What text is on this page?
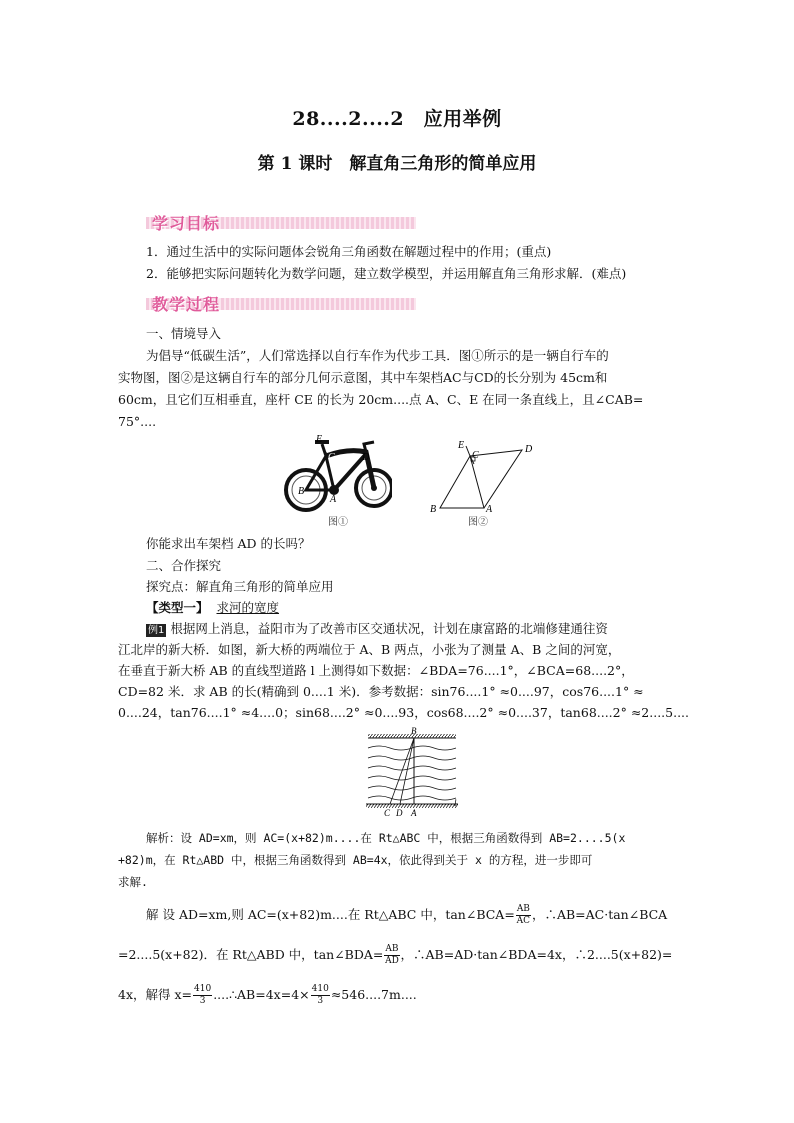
28....2....2　应用举例
第 1 课时　解直角三角形的简单应用
学习目标
1．通过生活中的实际问题体会锐角三角函数在解题过程中的作用；(重点)
2．能够把实际问题转化为数学问题，建立数学模型，并运用解直角三角形求解．(难点)
教学过程
一、情境导入
为倡导“低碳生活”，人们常选择以自行车作为代步工具．图①所示的是一辆自行车的
实物图，图②是这辆自行车的部分几何示意图，其中车架档AC与CD的长分别为 45cm和
60cm，且它们互相垂直，座杆 CE 的长为 20cm....点 A、C、E 在同一条直线上，且∠CAB=
75°....
E
C	D
B
A
图①
E
C
D
B	A
图②
你能求出车架档 AD 的长吗？
二、合作探究
探究点：解直角三角形的简单应用
【类型一】 求河的宽度
例1 根据网上消息，益阳市为了改善市区交通状况，计划在康富路的北端修建通往资
江北岸的新大桥．如图，新大桥的两端位于 A、B 两点，小张为了测量 A、B 之间的河宽，
在垂直于新大桥 AB 的直线型道路 l 上测得如下数据：∠BDA=76....1°，∠BCA=68....2°，
CD=82 米．求 AB 的长(精确到 0....1 米)．参考数据：sin76....1° ≈0....97，cos76....1° ≈
0....24，tan76....1° ≈4....0；sin68....2° ≈0....93，cos68....2° ≈0....37，tan68....2° ≈2....5....
B
C D A
l
解析：设 AD=xm，则 AC=(x+82)m....在 Rt△ABC 中，根据三角函数得到 AB=2....5(x
+82)m，在 Rt△ABD 中，根据三角函数得到 AB=4x，依此得到关于 x 的方程，进一步即可
求解.
解 设 AD=xm,则 AC=(x+82)m....在 Rt△ABC 中，tan∠BCA= $\frac{AB}{AC}$ ，∴AB=AC·tan∠BCA
=2....5(x+82)．在 Rt△ABD 中，tan∠BDA= $\frac{AB}{AD}$ ，∴AB=AD·tan∠BDA=4x，∴2....5(x+82)=
4x，解得 $x= \frac{410}{3}$ ....∴AB=4x=4× $\frac{410}{3} \approx 546....7m$....
